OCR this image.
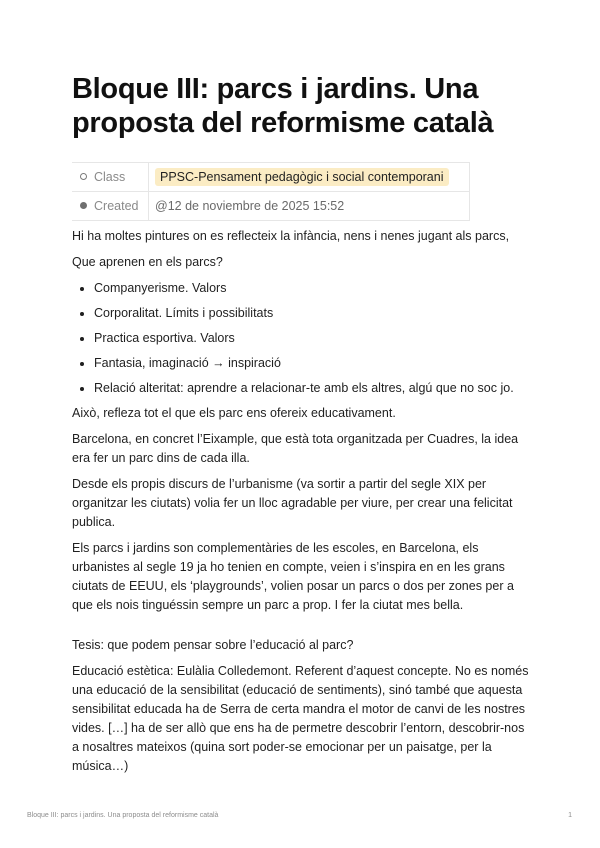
Bloque III: parcs i jardins. Una proposta del reformisme català
Class	PPSC-Pensament pedagògic i social contemporani
Created	@12 de noviembre de 2025 15:52

Hi ha moltes pintures on es reflecteix la infància, nens i nenes jugant als parcs,

Que aprenen en els parcs?

• Companyerisme. Valors
• Corporalitat. Límits i possibilitats
• Practica esportiva. Valors
• Fantasia, imaginació → inspiració
• Relació alteritat: aprendre a relacionar-te amb els altres, algú que no soc jo.

Això, refleza tot el que els parc ens ofereix educativament.

Barcelona, en concret l’Eixample, que està tota organitzada per Cuadres, la idea era fer un parc dins de cada illa.

Desde els propis discurs de l’urbanisme (va sortir a partir del segle XIX per organitzar les ciutats) volia fer un lloc agradable per viure, per crear una felicitat publica.

Els parcs i jardins son complementàries de les escoles, en Barcelona, els urbanistes al segle 19 ja ho tenien en compte, veien i s’inspira en en les grans ciutats de EEUU, els ‘playgrounds’, volien posar un parcs o dos per zones per a que els nois tinguéssin sempre un parc a prop. I fer la ciutat mes bella.

Tesis: que podem pensar sobre l’educació al parc?

Educació estètica: Eulàlia Colledemont. Referent d’aquest concepte. No es només una educació de la sensibilitat (educació de sentiments), sinó també que aquesta sensibilitat educada ha de Serra de certa mandra el motor de canvi de les nostres vides. […] ha de ser allò que ens ha de permetre descobrir l’entorn, descobrir-nos a nosaltres mateixos (quina sort poder-se emocionar per un paisatge, per la música…)

Bloque III: parcs i jardins. Una proposta del reformisme català	1
